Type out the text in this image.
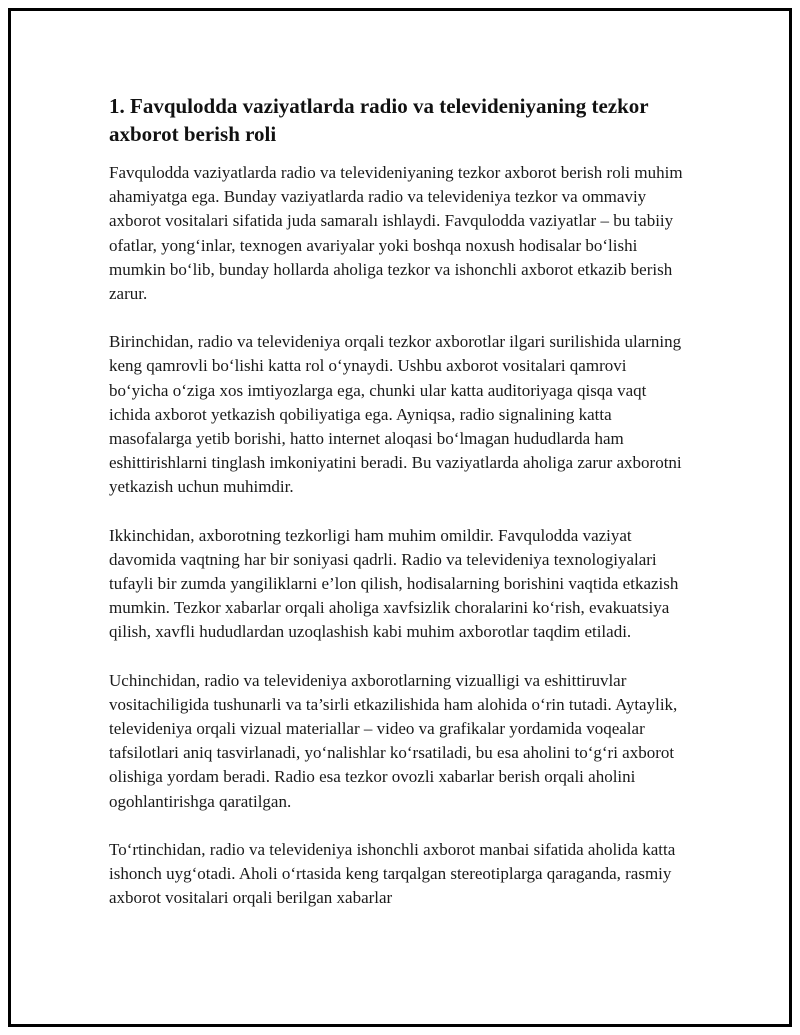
1. Favqulodda vaziyatlarda radio va televideniyaning tezkor axborot berish roli

Favqulodda vaziyatlarda radio va televideniyaning tezkor axborot berish roli muhim ahamiyatga ega. Bunday vaziyatlarda radio va televideniya tezkor va ommaviy axborot vositalari sifatida juda samaralı ishlaydi. Favqulodda vaziyatlar – bu tabiiy ofatlar, yong‘inlar, texnogen avariyalar yoki boshqa noxush hodisalar bo‘lishi mumkin bo‘lib, bunday hollarda aholiga tezkor va ishonchli axborot etkazib berish zarur.

Birinchidan, radio va televideniya orqali tezkor axborotlar ilgari surilishida ularning keng qamrovli bo‘lishi katta rol o‘ynaydi. Ushbu axborot vositalari qamrovi bo‘yicha o‘ziga xos imtiyozlarga ega, chunki ular katta auditoriyaga qisqa vaqt ichida axborot yetkazish qobiliyatiga ega. Ayniqsa, radio signalining katta masofalarga yetib borishi, hatto internet aloqasi bo‘lmagan hududlarda ham eshittirishlarni tinglash imkoniyatini beradi. Bu vaziyatlarda aholiga zarur axborotni yetkazish uchun muhimdir.

Ikkinchidan, axborotning tezkorligi ham muhim omildir. Favqulodda vaziyat davomida vaqtning har bir soniyasi qadrli. Radio va televideniya texnologiyalari tufayli bir zumda yangiliklarni e’lon qilish, hodisalarning borishini vaqtida etkazish mumkin. Tezkor xabarlar orqali aholiga xavfsizlik choralarini ko‘rish, evakuatsiya qilish, xavfli hududlardan uzoqlashish kabi muhim axborotlar taqdim etiladi.

Uchinchidan, radio va televideniya axborotlarning vizualligi va eshittiruvlar vositachiligida tushunarli va ta’sirli etkazilishida ham alohida o‘rin tutadi. Aytaylik, televideniya orqali vizual materiallar – video va grafikalar yordamida voqealar tafsilotlari aniq tasvirlanadi, yo‘nalishlar ko‘rsatiladi, bu esa aholini to‘g‘ri axborot olishiga yordam beradi. Radio esa tezkor ovozli xabarlar berish orqali aholini ogohlantirishga qaratilgan.

To‘rtinchidan, radio va televideniya ishonchli axborot manbai sifatida aholida katta ishonch uyg‘otadi. Aholi o‘rtasida keng tarqalgan stereotiplarga qaraganda, rasmiy axborot vositalari orqali berilgan xabarlar
